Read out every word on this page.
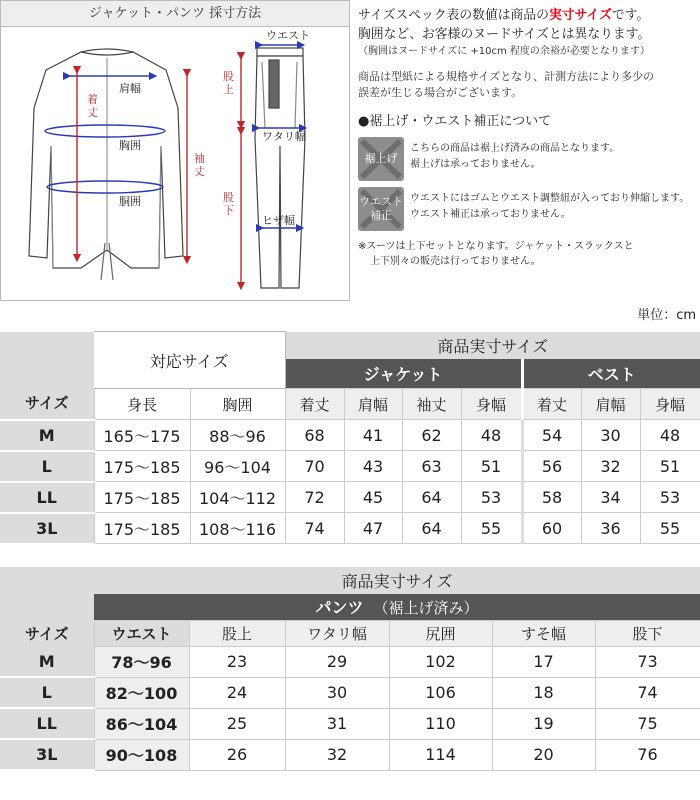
ジャケット・パンツ 採寸方法
肩幅
胸囲
胴囲
着
丈
袖
丈
ウエスト
股
上
ワタリ幅
股
下
ヒザ幅
サイズスペック表の数値は商品の実寸サイズです。
胸囲など、お客様のヌードサイズとは異なります。
（胸囲はヌードサイズに +10cm 程度の余裕が必要となります）
商品は型紙による規格サイズとなり、計測方法により多少の
誤差が生じる場合がございます。
●裾上げ・ウエスト補正について
裾上げ
こちらの商品は裾上げ済みの商品となります。
裾上げは承っておりません。
ウエスト
補正
ウエストにはゴムとウエスト調整紐が入っており伸縮します。
ウエスト補正は承っておりません。
※スーツは上下セットとなります。ジャケット・スラックスと
上下別々の販売は行っておりません。
単位：cm
サイズ	対応サイズ		商品実寸サイズ						
			ジャケット				ベスト		
	身長	胸囲	着丈	肩幅	袖丈	身幅	着丈	肩幅	身幅
M	165〜175	88〜96	68	41	62	48	54	30	48
L	175〜185	96〜104	70	43	63	51	56	32	51
LL	175〜185	104〜112	72	45	64	53	58	34	53
3L	175〜185	108〜116	74	47	64	55	60	36	55
	商品実寸サイズ					
	パンツ （裾上げ済み）					
サイズ	ウエスト	股上	ワタリ幅	尻囲	すそ幅	股下
M	78〜96	23	29	102	17	73
L	82〜100	24	30	106	18	74
LL	86〜104	25	31	110	19	75
3L	90〜108	26	32	114	20	76
